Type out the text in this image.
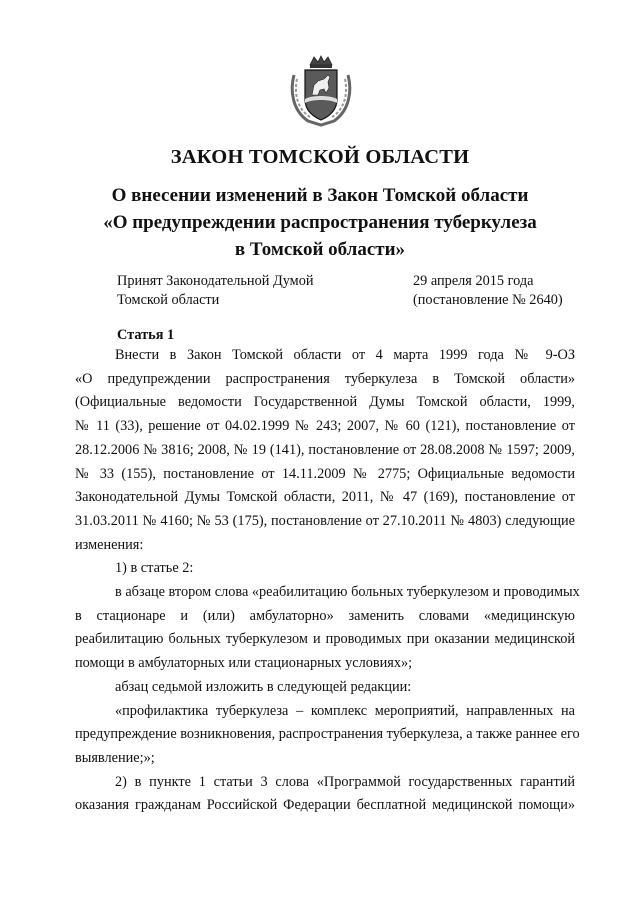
ЗАКОН ТОМСКОЙ ОБЛАСТИ
О внесении изменений в Закон Томской области
«О предупреждении распространения туберкулеза
в Томской области»
Принят Законодательной Думой
Томской области
29 апреля 2015 года
(постановление № 2640)
Статья 1
Внести в Закон Томской области от 4 марта 1999 года № 9-ОЗ
«О предупреждении распространения туберкулеза в Томской области»
(Официальные ведомости Государственной Думы Томской области, 1999,
№ 11 (33), решение от 04.02.1999 № 243; 2007, № 60 (121), постановление от
28.12.2006 № 3816; 2008, № 19 (141), постановление от 28.08.2008 № 1597; 2009,
№ 33 (155), постановление от 14.11.2009 № 2775; Официальные ведомости
Законодательной Думы Томской области, 2011, № 47 (169), постановление от
31.03.2011 № 4160; № 53 (175), постановление от 27.10.2011 № 4803) следующие
изменения:
1) в статье 2:
в абзаце втором слова «реабилитацию больных туберкулезом и проводимых
в стационаре и (или) амбулаторно» заменить словами «медицинскую
реабилитацию больных туберкулезом и проводимых при оказании медицинской
помощи в амбулаторных или стационарных условиях»;
абзац седьмой изложить в следующей редакции:
«профилактика туберкулеза – комплекс мероприятий, направленных на
предупреждение возникновения, распространения туберкулеза, а также раннее его
выявление;»;
2) в пункте 1 статьи 3 слова «Программой государственных гарантий
оказания гражданам Российской Федерации бесплатной медицинской помощи»
